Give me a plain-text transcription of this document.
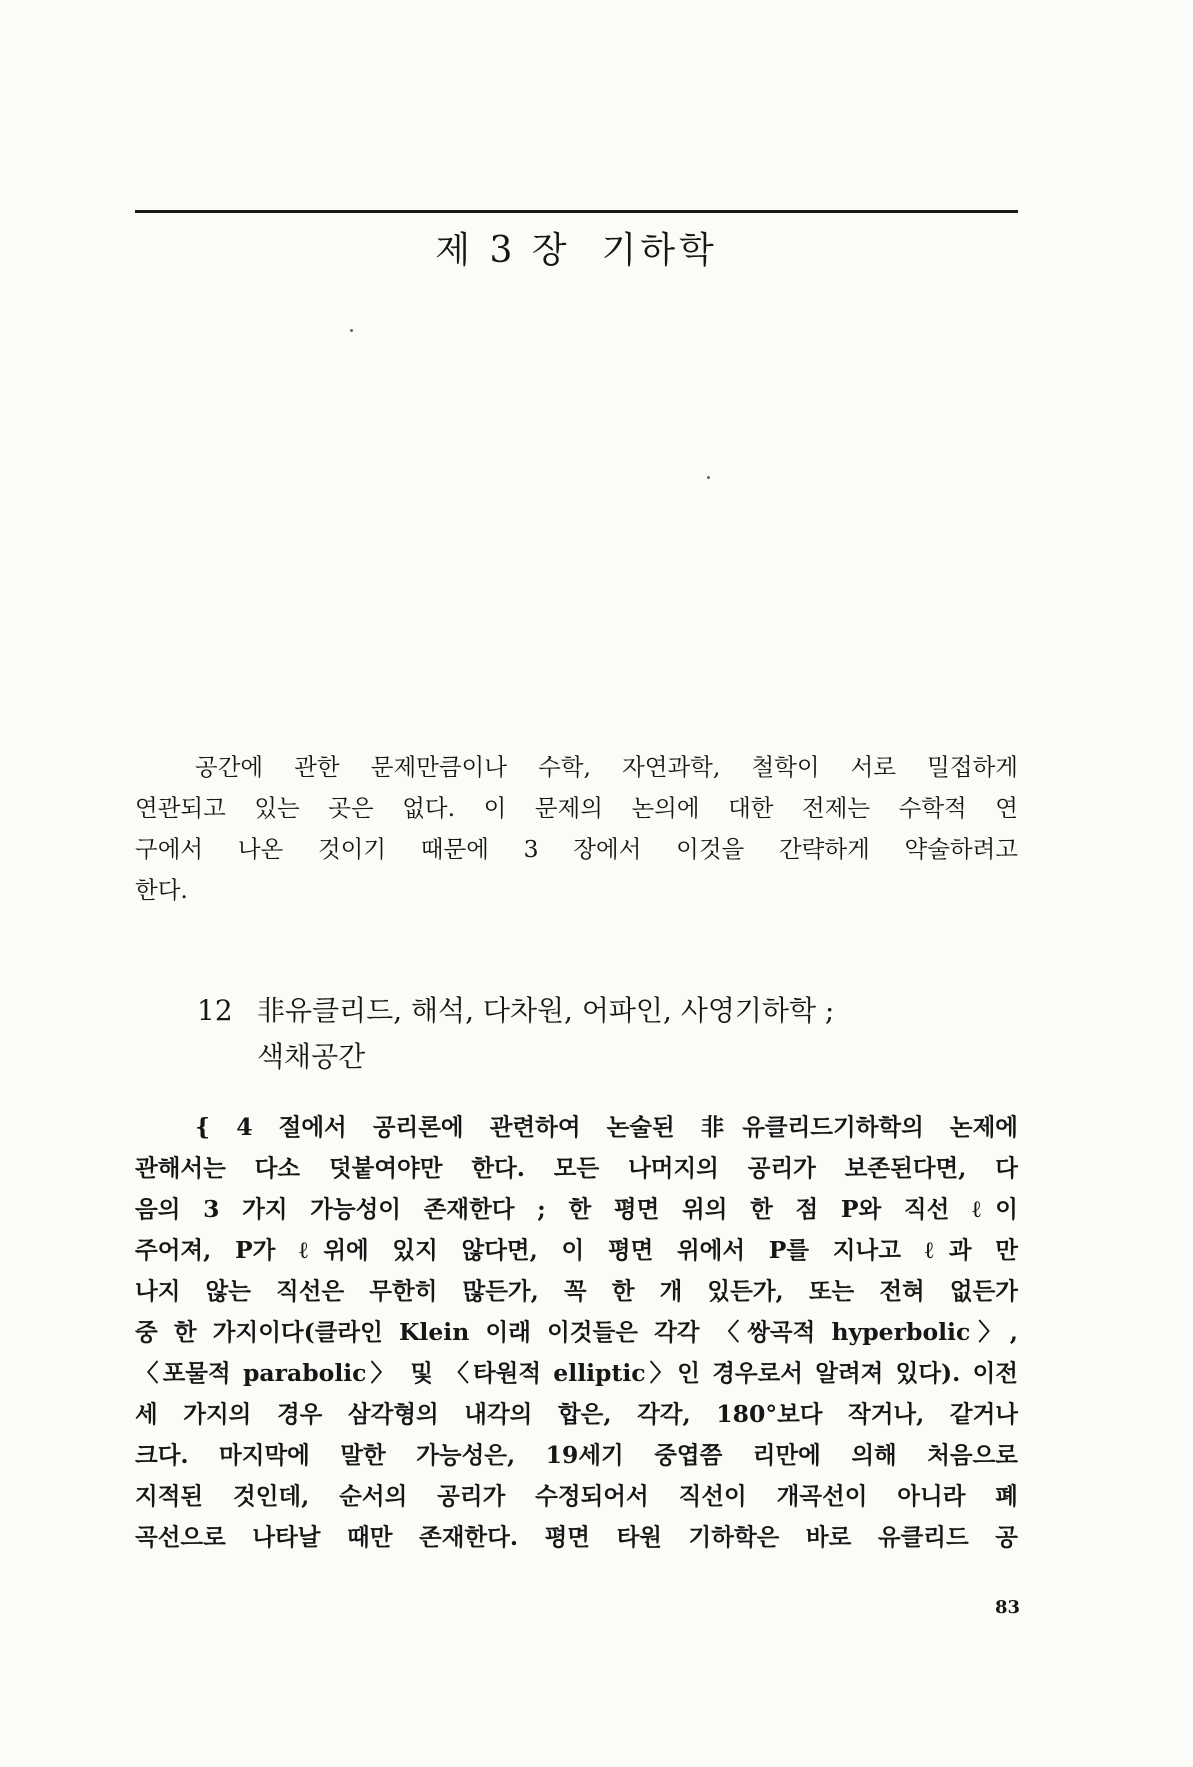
제 3 장  기하학
공간에 관한 문제만큼이나 수학, 자연과학, 철학이 서로 밀접하게
연관되고 있는 곳은 없다. 이 문제의 논의에 대한 전제는 수학적 연
구에서 나온 것이기 때문에 3 장에서 이것을 간략하게 약술하려고
한다.
12 非유클리드, 해석, 다차원, 어파인, 사영기하학 ;
색채공간
{ 4 절에서 공리론에 관련하여 논술된 非유클리드기하학의 논제에
관해서는 다소 덧붙여야만 한다. 모든 나머지의 공리가 보존된다면, 다
음의 3 가지 가능성이 존재한다 ; 한 평면 위의 한 점 P와 직선 ℓ이
주어져, P가 ℓ위에 있지 않다면, 이 평면 위에서 P를 지나고 ℓ과 만
나지 않는 직선은 무한히 많든가, 꼭 한 개 있든가, 또는 전혀 없든가
중 한 가지이다(클라인 Klein 이래 이것들은 각각 〈쌍곡적 hyperbolic〉,
〈포물적 parabolic〉 및 〈타원적 elliptic〉인 경우로서 알려져 있다). 이전
세 가지의 경우 삼각형의 내각의 합은, 각각, 180°보다 작거나, 같거나
크다. 마지막에 말한 가능성은, 19세기 중엽쯤 리만에 의해 처음으로
지적된 것인데, 순서의 공리가 수정되어서 직선이 개곡선이 아니라 폐
곡선으로 나타날 때만 존재한다. 평면 타원 기하학은 바로 유클리드 공
83
